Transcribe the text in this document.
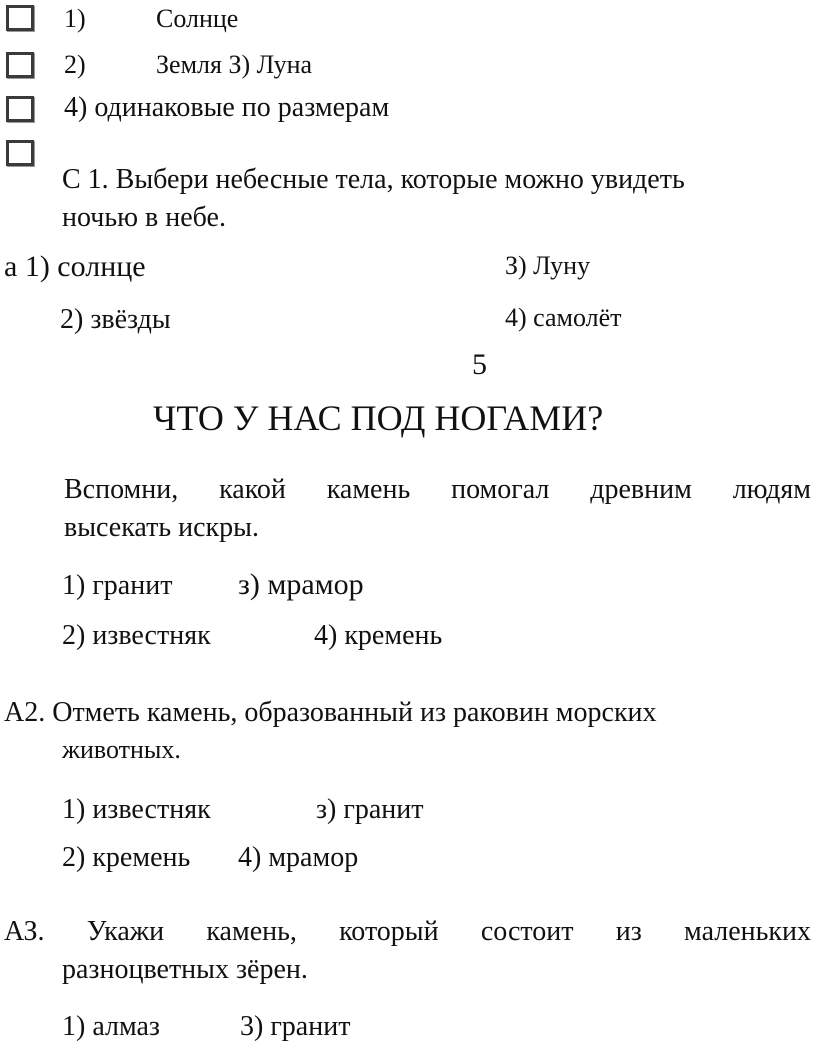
1)	Солнце
2)	Земля З) Луна
4) одинаковые по размерам
С 1. Выбери небесные тела, которые можно увидеть
ночью в небе.
а 1) солнце	З) Луну
2) звёзды	4) самолёт
5
ЧТО У НАС ПОД НОГАМИ?
Вспомни, какой камень помогал древним людям
высекать искры.
1) гранит з) мрамор
2) известняк	4) кремень
А2. Отметь камень, образованный из раковин морских
животных.
1) известняк	з) гранит
2) кремень 4) мрамор
АЗ. Укажи камень, который состоит из маленьких
разноцветных зёрен.
1) алмаз	3) гранит
